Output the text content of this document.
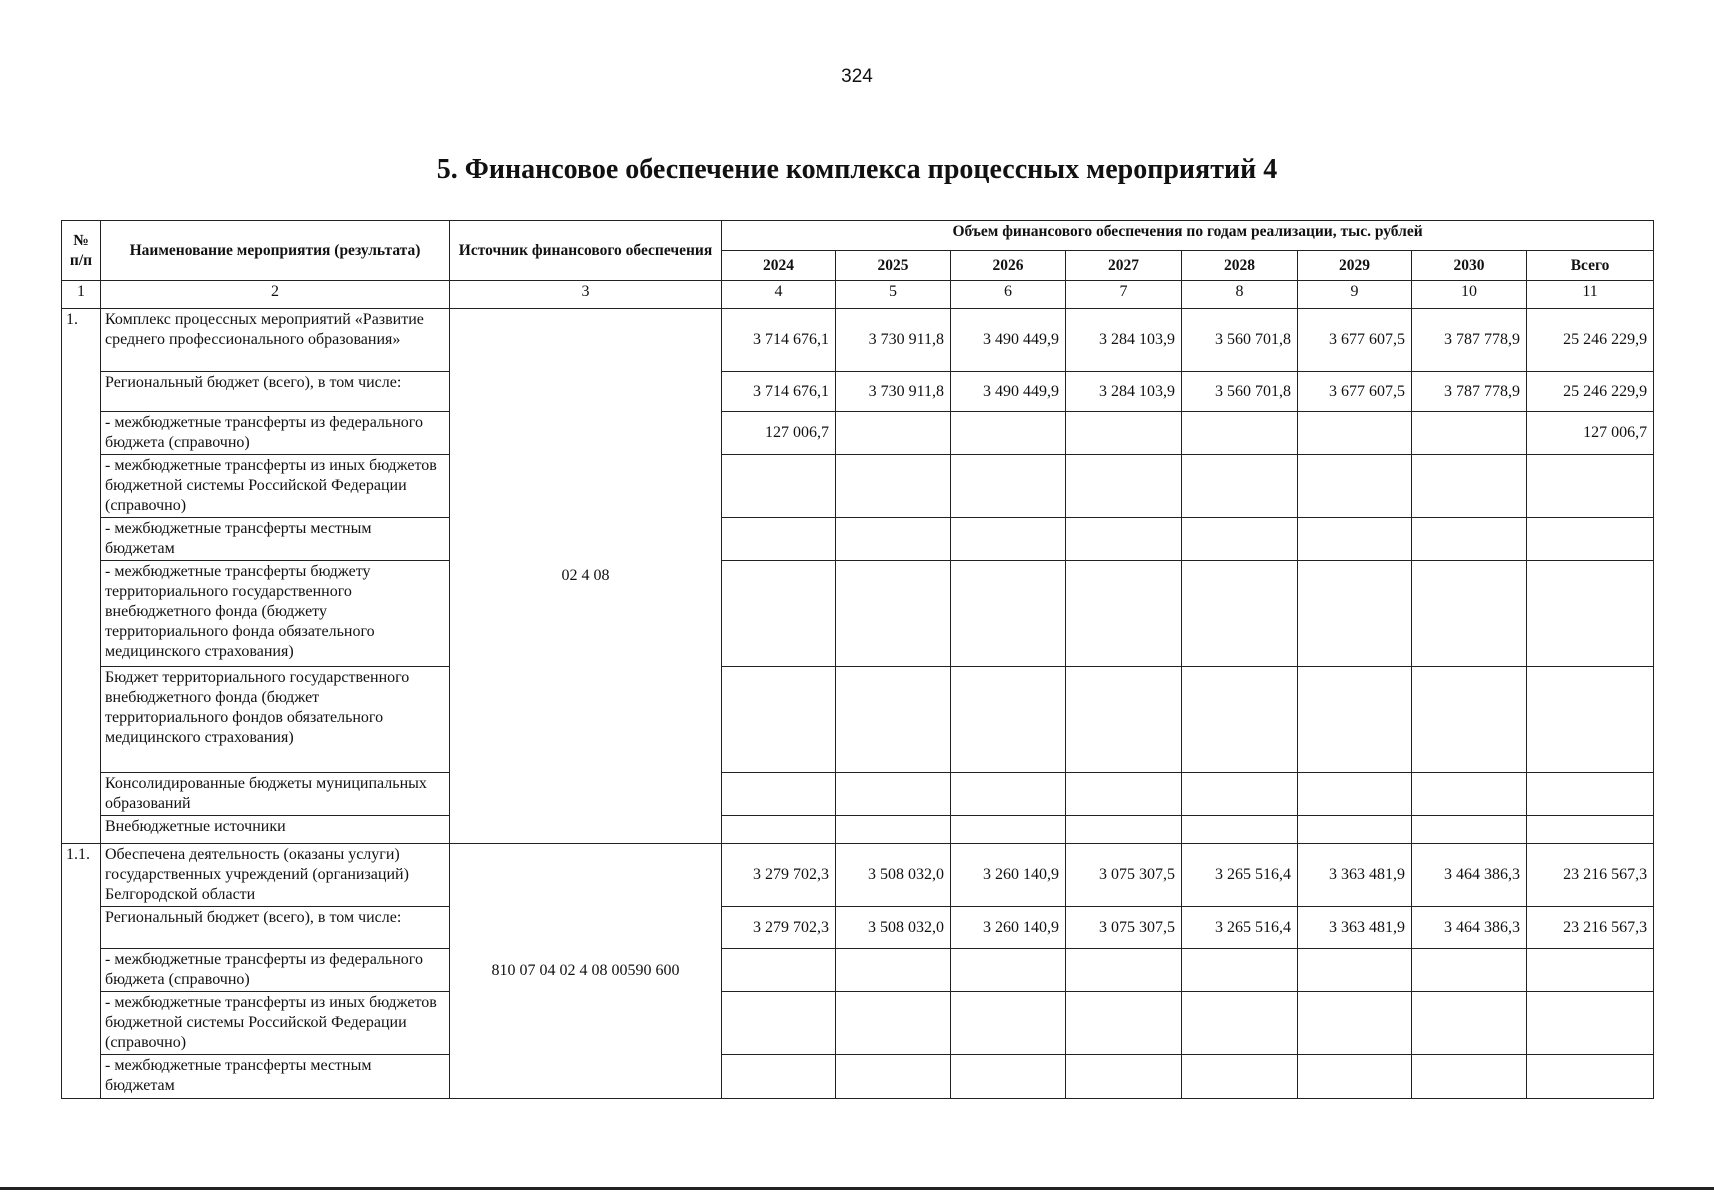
324
5. Финансовое обеспечение комплекса процессных мероприятий 4
№ п/п	Наименование мероприятия (результата)	Источник финансового обеспечения	Объем финансового обеспечения по годам реализации, тыс. рублей							
			2024	2025	2026	2027	2028	2029	2030	Всего
1	2	3	4	5	6	7	8	9	10	11
1.	Комплекс процессных мероприятий «Развитие среднего профессионального образования»	02 4 08	3 714 676,1	3 730 911,8	3 490 449,9	3 284 103,9	3 560 701,8	3 677 607,5	3 787 778,9	25 246 229,9
	Региональный бюджет (всего), в том числе:		3 714 676,1	3 730 911,8	3 490 449,9	3 284 103,9	3 560 701,8	3 677 607,5	3 787 778,9	25 246 229,9
	- межбюджетные трансферты из федерального бюджета (справочно)		127 006,7							127 006,7
	- межбюджетные трансферты из иных бюджетов бюджетной системы Российской Федерации (справочно)									
	- межбюджетные трансферты местным бюджетам									
	- межбюджетные трансферты бюджету территориального государственного внебюджетного фонда (бюджету территориального фонда обязательного медицинского страхования)									
	Бюджет территориального государственного внебюджетного фонда (бюджет территориального фондов обязательного медицинского страхования)									
	Консолидированные бюджеты муниципальных образований									
	Внебюджетные источники									
1.1.	Обеспечена деятельность (оказаны услуги) государственных учреждений (организаций) Белгородской области	810 07 04 02 4 08 00590 600	3 279 702,3	3 508 032,0	3 260 140,9	3 075 307,5	3 265 516,4	3 363 481,9	3 464 386,3	23 216 567,3
	Региональный бюджет (всего), в том числе:		3 279 702,3	3 508 032,0	3 260 140,9	3 075 307,5	3 265 516,4	3 363 481,9	3 464 386,3	23 216 567,3
	- межбюджетные трансферты из федерального бюджета (справочно)									
	- межбюджетные трансферты из иных бюджетов бюджетной системы Российской Федерации (справочно)									
	- межбюджетные трансферты местным бюджетам									
